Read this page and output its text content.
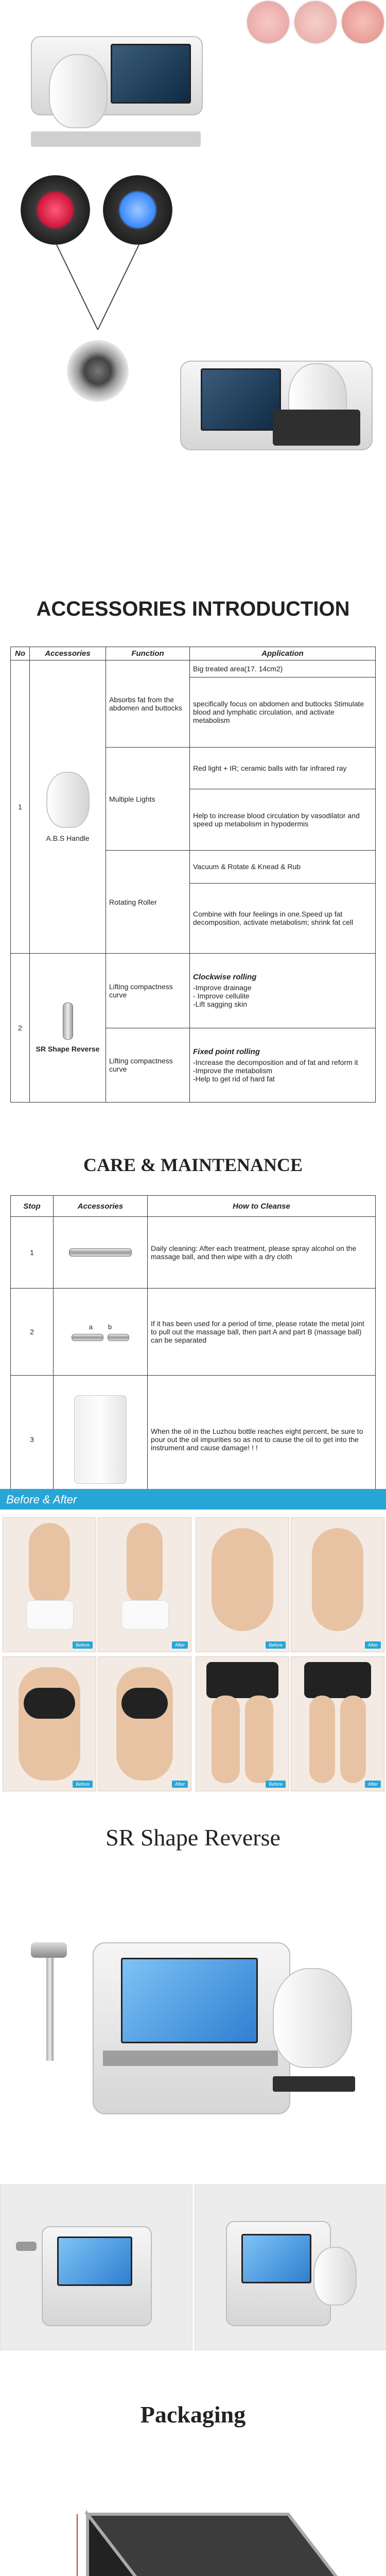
ACCESSORIES INTRODUCTION
No	Accessories	Function	Application
1	A.B.S Handle	Absorbs fat from the abdomen and buttocks	Big treated area(17. 14cm2)
			specifically focus on abdomen and buttocks Stimulate blood and lymphatic circulation, and activate metabolism
		Multiple Lights	Red light + IR; ceramic balls with far infrared ray
			Help to increase blood circulation by vasodilator and speed up metabolism in hypodermis
		Rotating Roller	Vacuum & Rotate & Knead & Rub
			Combine with four feelings in one.Speed up fat decomposition, activate metabolism; shrink fat cell
2	SR Shape Reverse	Lifting compactness curve	Clockwise rolling
-Improve drainage
- Improve cellulite
-Lift sagging skin

		Lifting compactness curve	Fixed point rolling
-Increase the decomposition and of fat and reform it
-Improve the metabolism
-Help to get rid of hard fat
CARE & MAINTENANCE
Stop	Accessories	How to Cleanse
1		Daily cleaning: After each treatment, please spray alcohol on the massage ball, and then wipe with a dry cloth
2	a b	If it has been used for a period of time, please rotate the metal joint to pull out the massage ball, then part A and part B (massage ball) can be separated
3		When the oil in the Luzhou bottle reaches eight percent, be sure to pour out the oil impurities so as not to cause the oil to get into the instrument and cause damage! ! !
Before & After
Before	After	Before	After
Before	After	Before	After
SR Shape Reverse
Packaging
